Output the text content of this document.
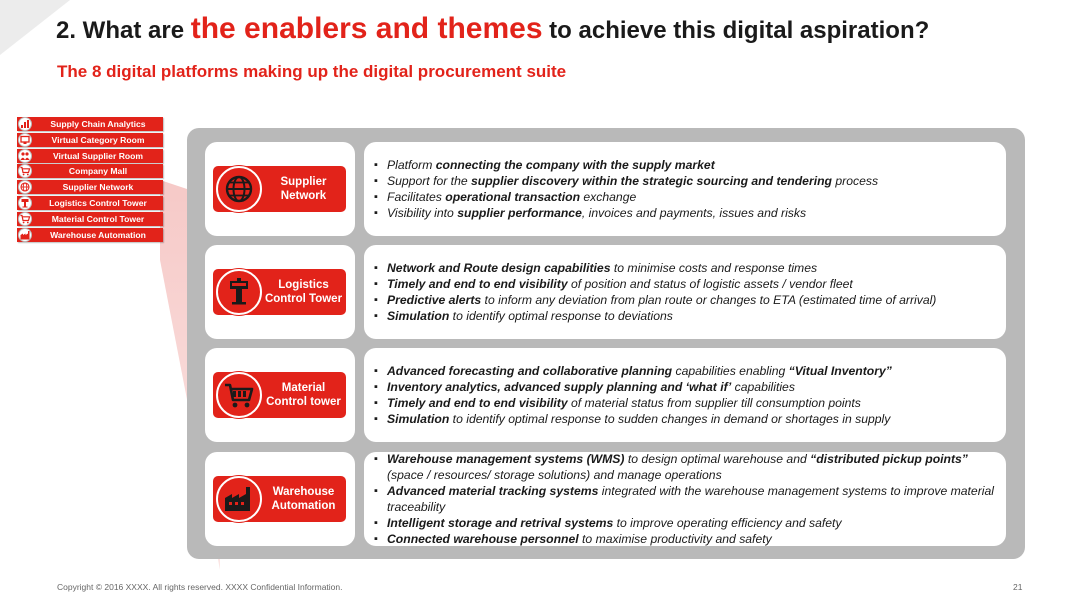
2. What are the enablers and themes to achieve this digital aspiration?
The 8 digital platforms making up the digital procurement suite
Supply Chain Analytics
Virtual Category Room
Virtual Supplier Room
Company Mall
Supplier Network
Logistics Control Tower
Material Control Tower
Warehouse Automation
Supplier
Network
▪ Platform connecting the company with the supply market
▪ Support for the supplier discovery within the strategic sourcing and tendering process
▪ Facilitates operational transaction exchange
▪ Visibility into supplier performance, invoices and payments, issues and risks
Logistics
Control Tower
▪ Network and Route design capabilities to minimise costs and response times
▪ Timely and end to end visibility of position and status of logistic assets / vendor fleet
▪ Predictive alerts to inform any deviation from plan route or changes to ETA (estimated time of arrival)
▪ Simulation to identify optimal response to deviations
Material
Control tower
▪ Advanced forecasting and collaborative planning capabilities enabling “Vitual Inventory”
▪ Inventory analytics, advanced supply planning and ‘what if’ capabilities
▪ Timely and end to end visibility of material status from supplier till consumption points
▪ Simulation to identify optimal response to sudden changes in demand or shortages in supply
Warehouse
Automation
▪ Warehouse management systems (WMS) to design optimal warehouse and “distributed pickup points” (space / resources/ storage solutions) and manage operations
▪ Advanced material tracking systems integrated with the warehouse management systems to improve material traceability
▪ Intelligent storage and retrival systems to improve operating efficiency and safety
▪ Connected warehouse personnel to maximise productivity and safety
Copyright © 2016 XXXX. All rights reserved. XXXX Confidential Information.	21
